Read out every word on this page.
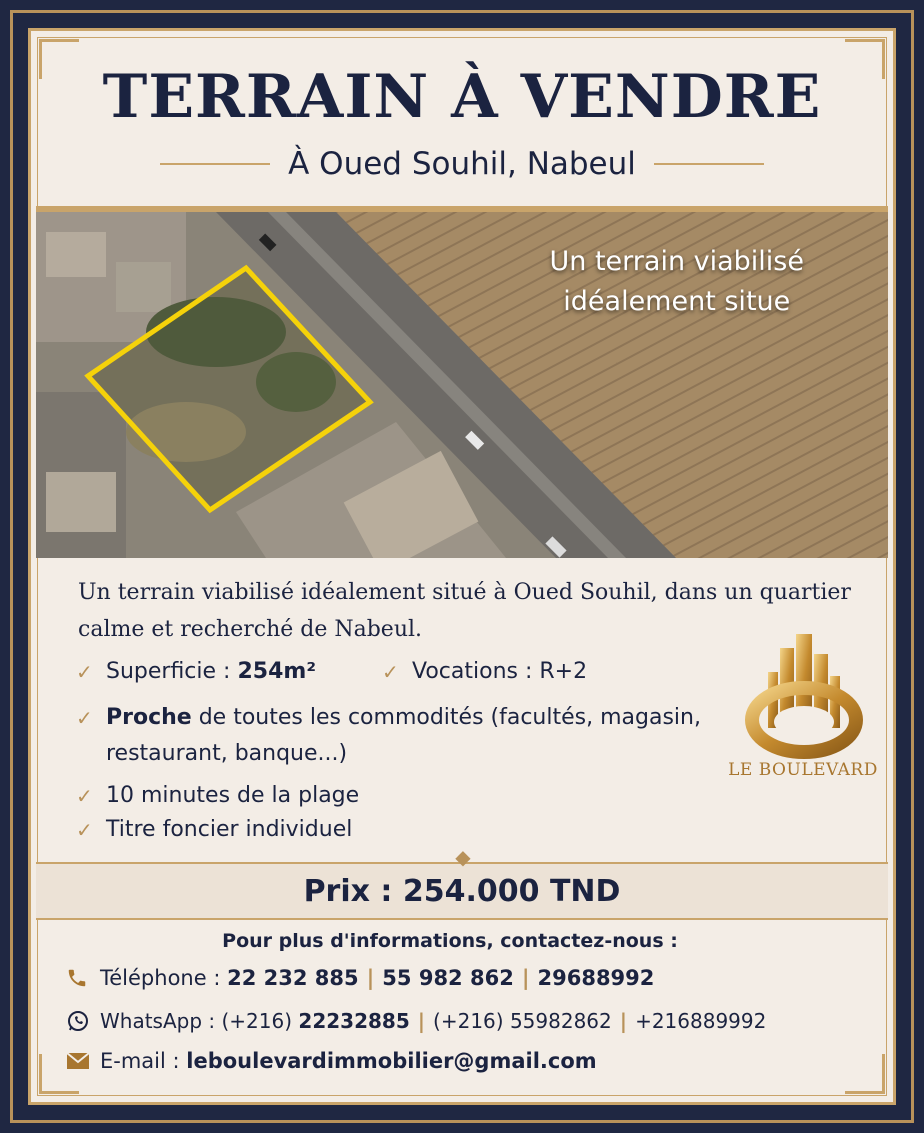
TERRAIN À VENDRE
À Oued Souhil, Nabeul
Un terrain viabilisé
idéalement situe
Un terrain viabilisé idéalement situé à Oued Souhil, dans un quartier calme et recherché de Nabeul.
✓ Superficie :
254m²	✓ Vocations : R+2
✓ Proche de toutes les commodités (facultés, magasin, restaurant, banque...)
✓ 10 minutes de la plage
✓ Titre foncier individuel
LE BOULEVARD
Prix : 254.000 TND
◆
Pour plus d'informations, contactez-nous :
Téléphone :
22 232 885 | 55 982 862 | 29688992
WhatsApp :
(+216)
22232885 | (+216) 55982862 | +216889992
E-mail :
leboulevardimmobilier@gmail.com
